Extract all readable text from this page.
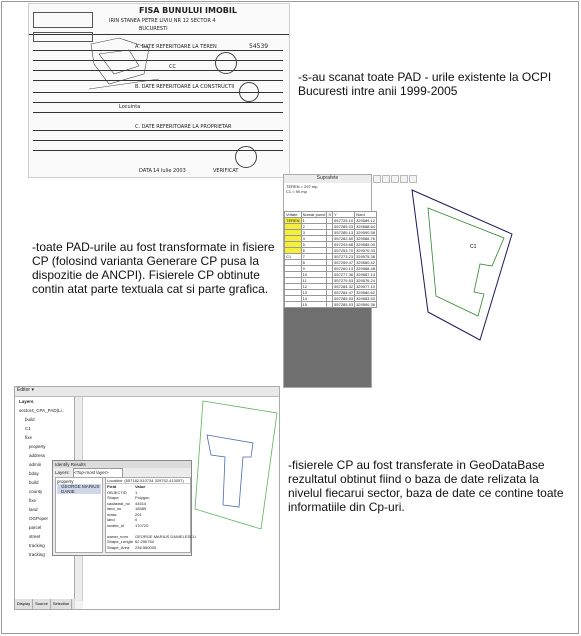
FISA BUNULUI IMOBIL
IRIN STANEA PETRE LIVIU NR 12 SECTOR 4
BUCURESTI
A. DATE REFERITOARE LA TEREN	54539
CC
B. DATE REFERITOARE LA CONSTRUCTII
Locuinta
C. DATE REFERITOARE LA PROPRIETAR
DATA 14 Iulie 2003	VERIFICAT
-s-au scanat toate PAD - urile existente la OCPI
Bucuresti intre anii 1999-2005
Suprafete
TEREN = 297 mp
C1 = 90 mp
Vritate	Numar punct	X	Y	Nord
TEREN	1		557725.10	329589.12
	2		557285.03	329588.64
	3		557285.13	329590.58
	4		557282.80	329588.76
	5		557243.68	329585.00
	6		557253.70	329570.33
C1	7		557273.23	329575.38
	8		557259.47	329580.42
	9		557260.13	329588.48
	10		557277.36	329587.13
	11		557279.53	329576.24
	12		557284.32	329577.10
	13		557284.47	329580.62
	14		557285.53	329583.53
	15		557285.53	329590.36
C1
-toate PAD-urile au fost transformate in fisiere
CP (folosind varianta Generare CP pusa la
dispozitie de ANCPI). Fisierele CP obtinute
contin atat parte textuala cat si parte grafica.
Editor ▾
Layers
sector4_CPA_PAD(Li..
build
C1
fixe
property
address
admin
bday
build
county
fixe
land
OGPoper
parcel
street
tracking
tracking
Display	Source	Selection
Identify Results
Layers: <Top-most layer>
property
GEORGE MARIUS DANIE
Location: (557182.510734 329752.413057)
Field	Value
OBJECTID	1
Shape	Polygon
cadastral_no	44514
land_no	18589
mass	201
land	0
locatie_id	170720

owner_nom	GEORGE MARIUS DANIELESCU
Shape_Length	62.250754
Shape_Area	236.560000
-fisierele CP au fost transferate in GeoDataBase
rezultatul obtinut fiind o baza de date relizata la
nivelul fiecarui sector, baza de date ce contine toate
informatiile din Cp-uri.
